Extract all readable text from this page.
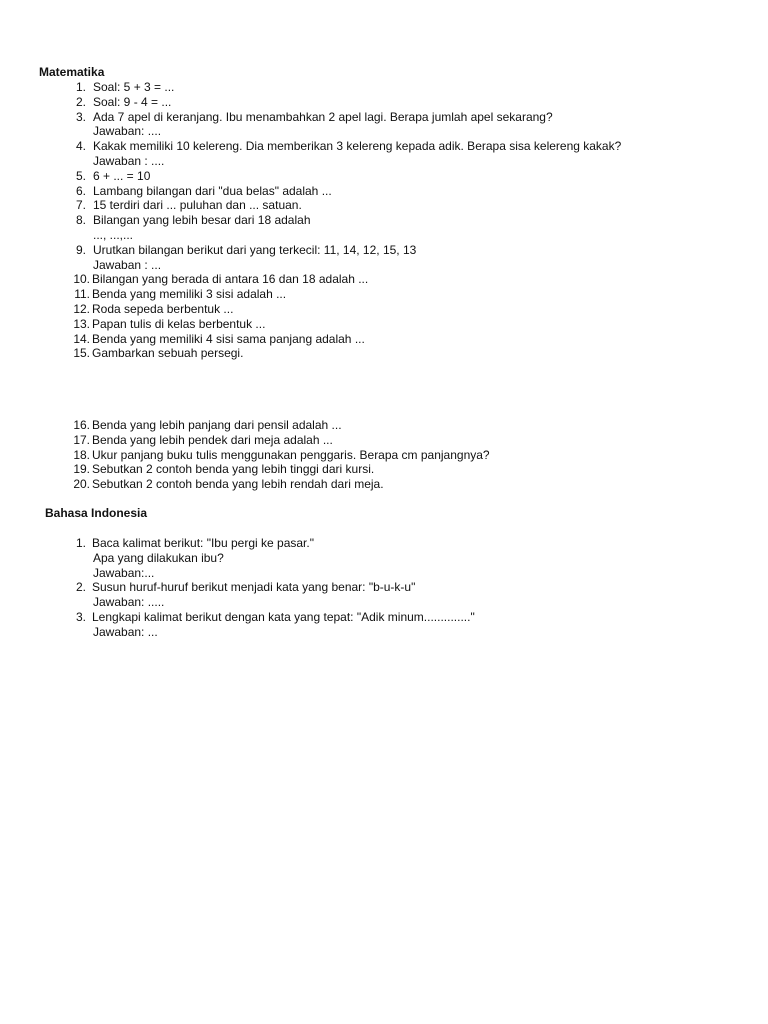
Matematika
1. Soal: 5 + 3 = ...
2. Soal: 9 - 4 = ...
3. Ada 7 apel di keranjang. Ibu menambahkan 2 apel lagi. Berapa jumlah apel sekarang?
Jawaban: ....
4. Kakak memiliki 10 kelereng. Dia memberikan 3 kelereng kepada adik. Berapa sisa kelereng kakak?
Jawaban : ....
5. 6 + ... = 10
6. Lambang bilangan dari "dua belas" adalah ...
7. 15 terdiri dari ... puluhan dan ... satuan.
8. Bilangan yang lebih besar dari 18 adalah
..., ...,...
9. Urutkan bilangan berikut dari yang terkecil: 11, 14, 12, 15, 13
Jawaban : ...
10. Bilangan yang berada di antara 16 dan 18 adalah ...
11. Benda yang memiliki 3 sisi adalah ...
12. Roda sepeda berbentuk ...
13. Papan tulis di kelas berbentuk ...
14. Benda yang memiliki 4 sisi sama panjang adalah ...
15. Gambarkan sebuah persegi.
16. Benda yang lebih panjang dari pensil adalah ...
17. Benda yang lebih pendek dari meja adalah ...
18. Ukur panjang buku tulis menggunakan penggaris. Berapa cm panjangnya?
19. Sebutkan 2 contoh benda yang lebih tinggi dari kursi.
20. Sebutkan 2 contoh benda yang lebih rendah dari meja.
Bahasa Indonesia
1. Baca kalimat berikut: "Ibu pergi ke pasar."
Apa yang dilakukan ibu?
Jawaban:...
2. Susun huruf-huruf berikut menjadi kata yang benar: "b-u-k-u"
Jawaban: .....
3. Lengkapi kalimat berikut dengan kata yang tepat: "Adik minum.............."
Jawaban: ...
